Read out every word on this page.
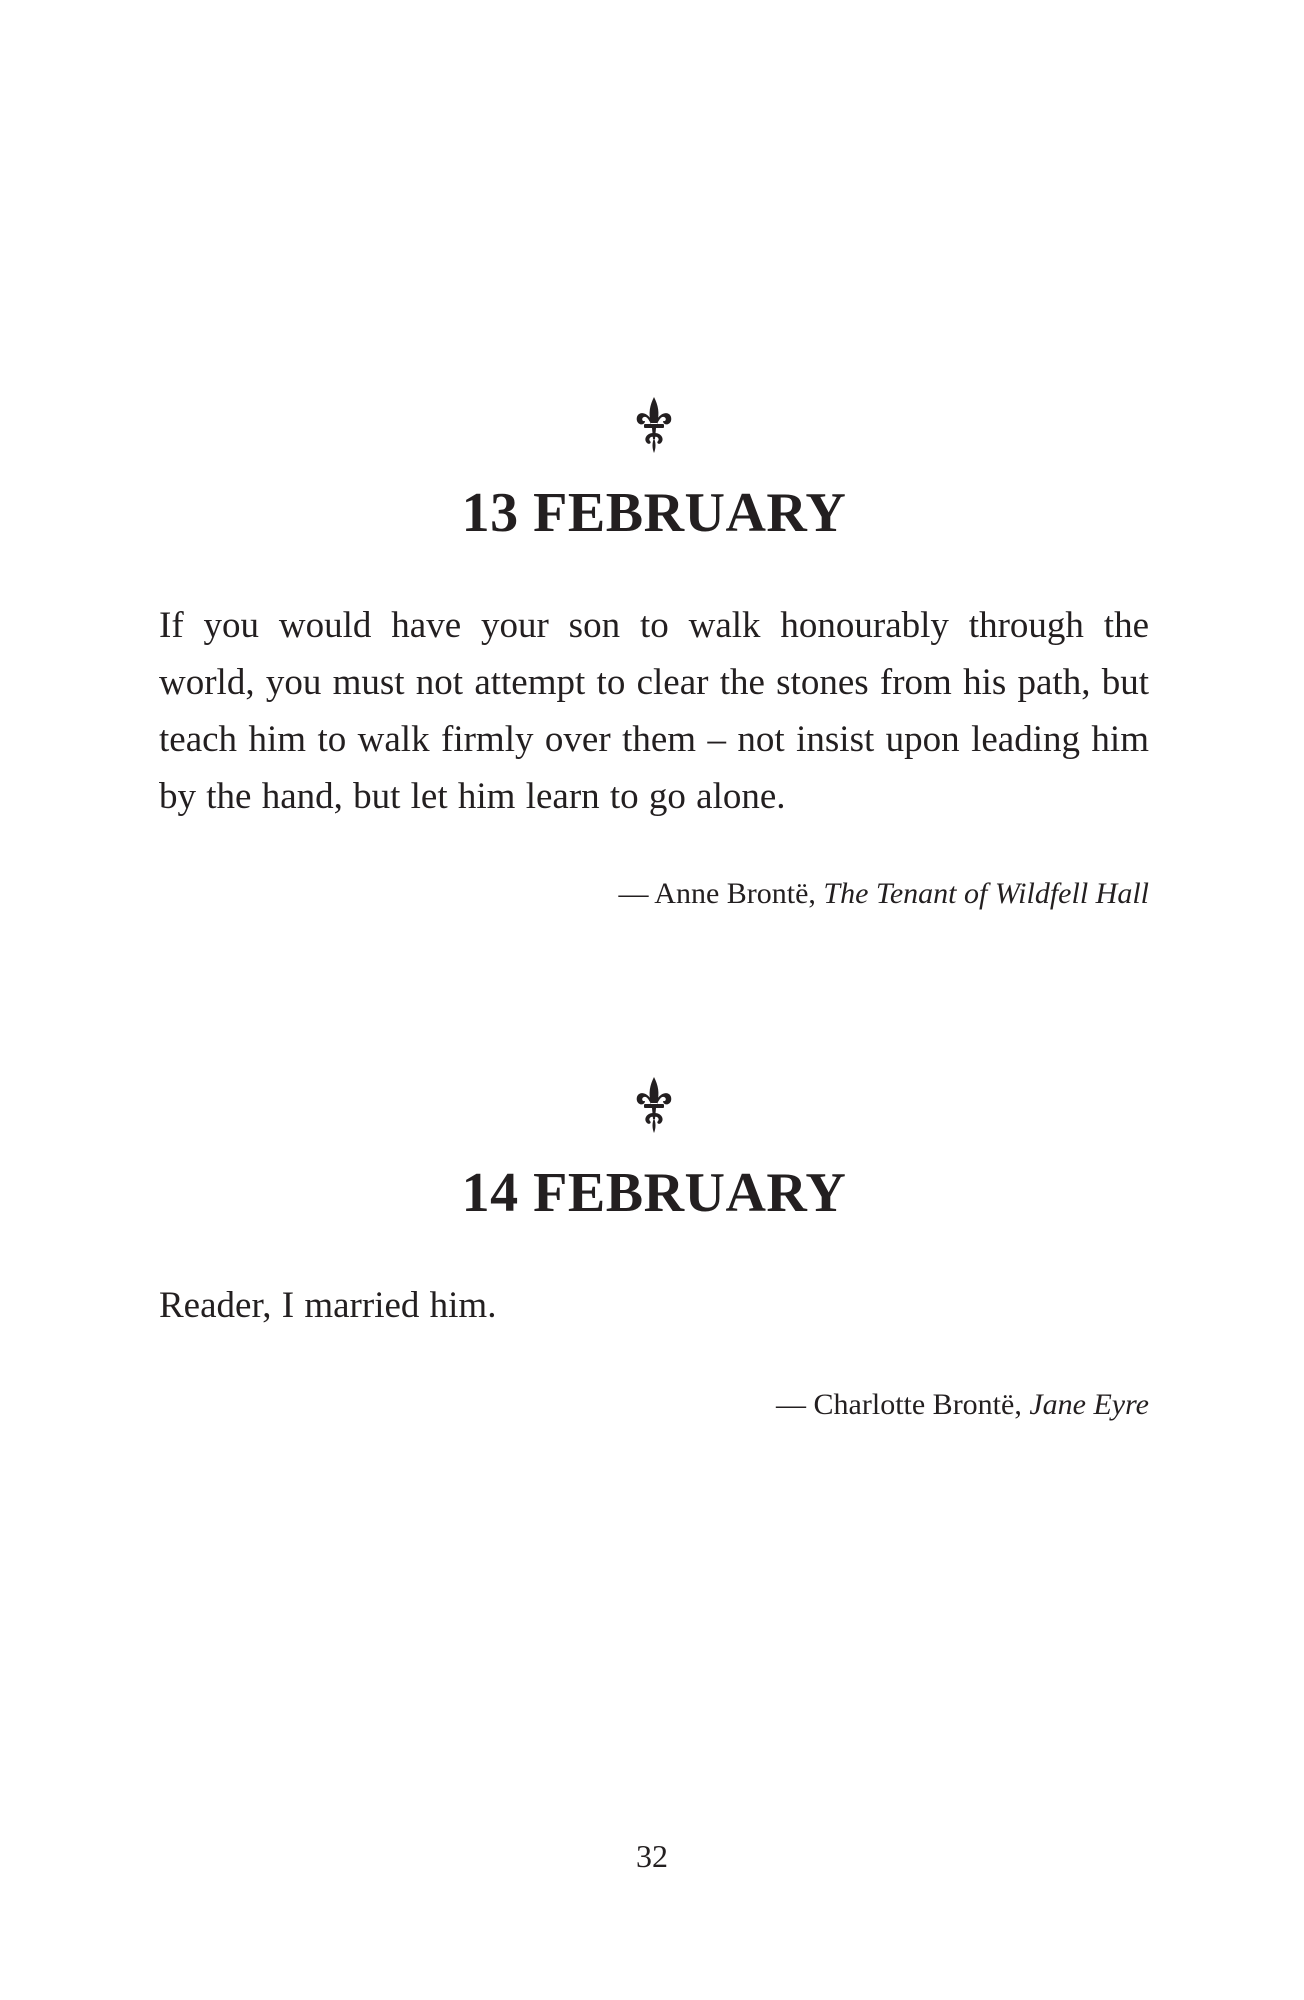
13 FEBRUARY

If you would have your son to walk honourably through the world, you must not attempt to clear the stones from his path, but teach him to walk firmly over them – not insist upon leading him by the hand, but let him learn to go alone.

— Anne Brontë, The Tenant of Wildfell Hall

14 FEBRUARY

Reader, I married him.

— Charlotte Brontë, Jane Eyre

32
